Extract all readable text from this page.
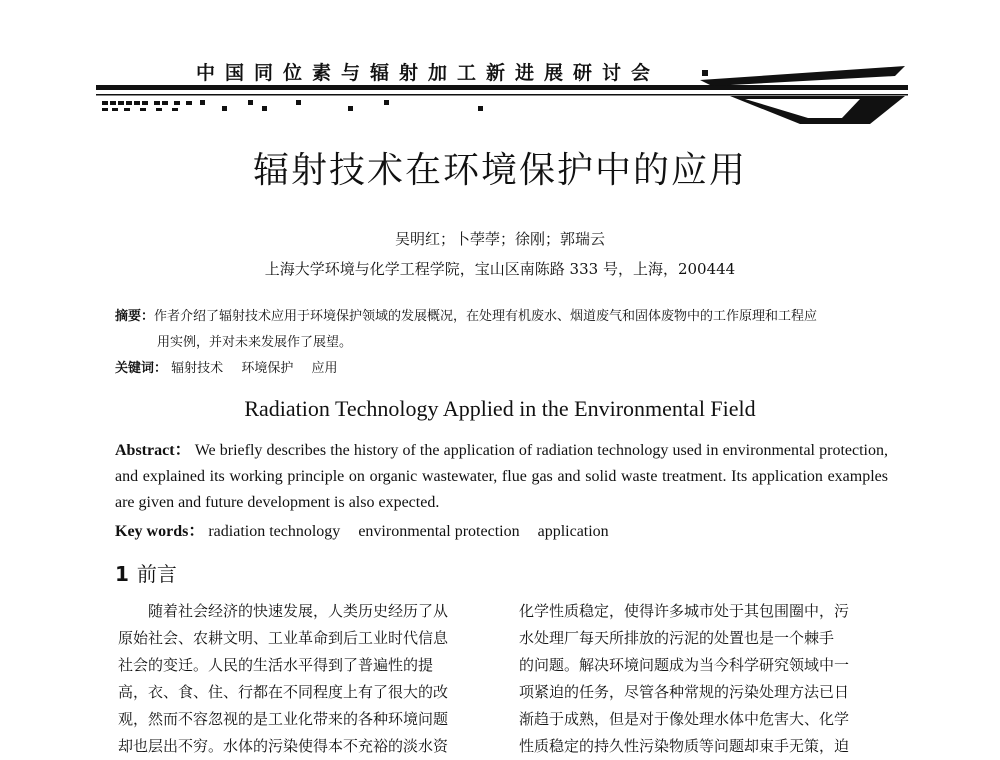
中国同位素与辐射加工新进展研讨会
辐射技术在环境保护中的应用
吴明红；卜荸荸；徐刚；郭瑞云
上海大学环境与化学工程学院，宝山区南陈路 333 号，上海，200444
摘要：作者介绍了辐射技术应用于环境保护领域的发展概况，在处理有机废水、烟道废气和固体废物中的工作原理和工程应
用实例，并对未来发展作了展望。
关键词： 辐射技术 环境保护 应用
Radiation Technology Applied in the Environmental Field
Abstract： We briefly describes the history of the application of radiation technology used in environmental protection, and explained its working principle on organic wastewater, flue gas and solid waste treatment. Its application examples are given and future development is also expected.
Key words： radiation technology environmental protection application
1 前言
随着社会经济的快速发展，人类历史经历了从
原始社会、农耕文明、工业革命到后工业时代信息
社会的变迁。人民的生活水平得到了普遍性的提
高，衣、食、住、行都在不同程度上有了很大的改
观，然而不容忽视的是工业化带来的各种环境问题
却也层出不穷。水体的污染使得本不充裕的淡水资
化学性质稳定，使得许多城市处于其包围圈中，污
水处理厂每天所排放的污泥的处置也是一个棘手
的问题。解决环境问题成为当今科学研究领域中一
项紧迫的任务，尽管各种常规的污染处理方法已日
渐趋于成熟，但是对于像处理水体中危害大、化学
性质稳定的持久性污染物质等问题却束手无策，迫
